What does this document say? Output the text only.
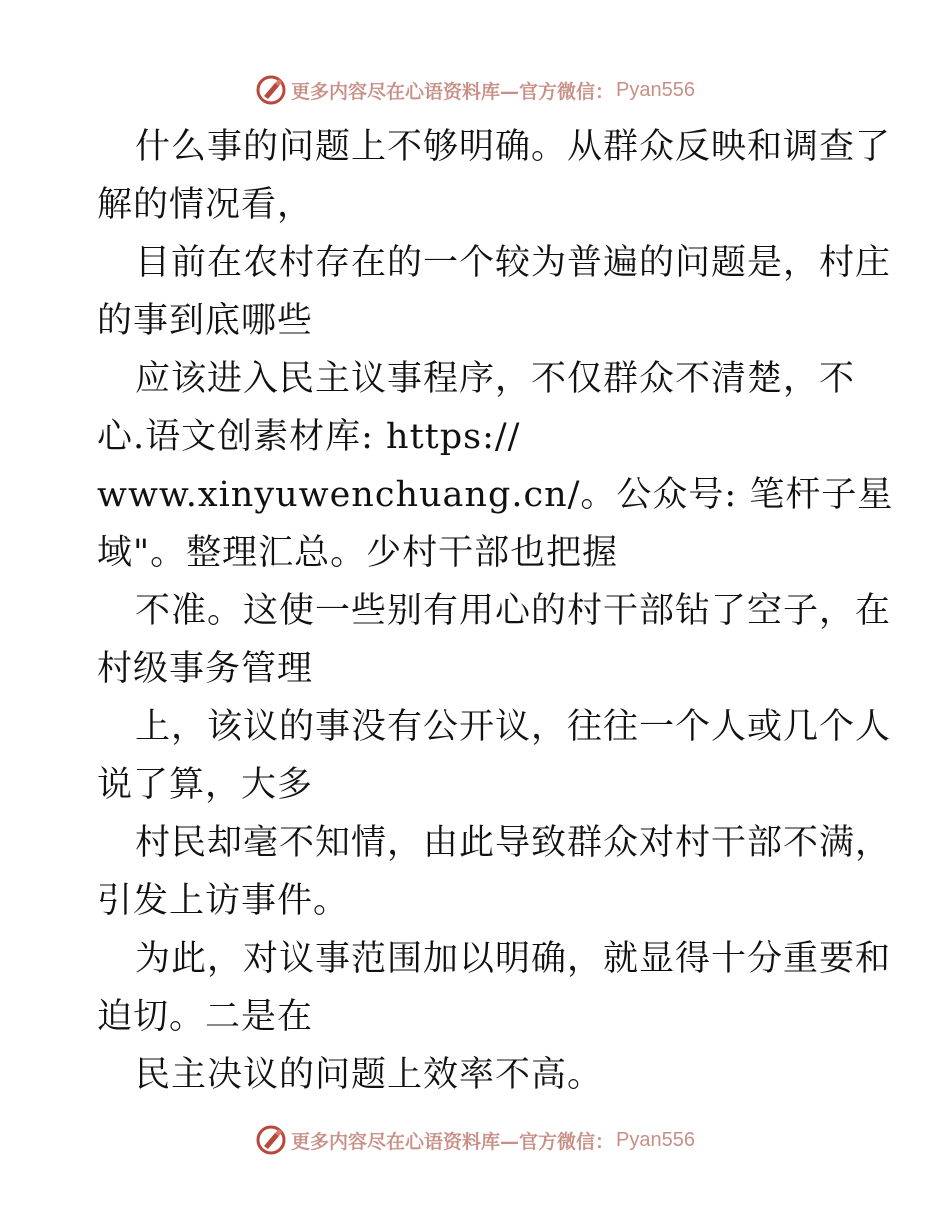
更多内容尽在心语资料库—官方微信： Pyan556
什么事的问题上不够明确。从群众反映和调查了
解的情况看，
目前在农村存在的一个较为普遍的问题是，村庄
的事到底哪些
应该进入民主议事程序，不仅群众不清楚，不
心.语文创素材库: https://
www.xinyuwenchuang.cn/。公众号: 笔杆子星
域"。整理汇总。少村干部也把握
不准。这使一些别有用心的村干部钻了空子，在
村级事务管理
上，该议的事没有公开议，往往一个人或几个人
说了算，大多
村民却毫不知情，由此导致群众对村干部不满，
引发上访事件。
为此，对议事范围加以明确，就显得十分重要和
迫切。二是在
民主决议的问题上效率不高。
更多内容尽在心语资料库—官方微信： Pyan556
